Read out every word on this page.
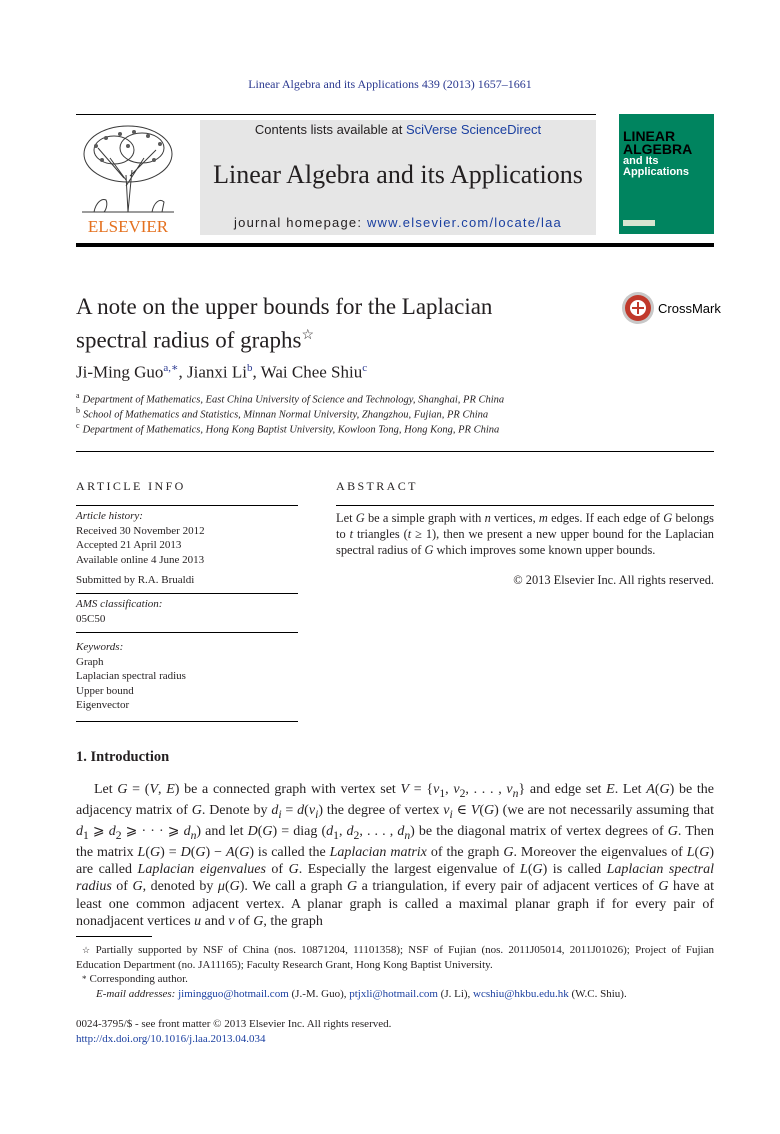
Linear Algebra and its Applications 439 (2013) 1657–1661
ELSEVIER
Contents lists available at SciVerse ScienceDirect
Linear Algebra and its Applications
journal homepage: www.elsevier.com/locate/laa
LINEAR
ALGEBRA
and Its
Applications
A note on the upper bounds for the Laplacian
spectral radius of graphs☆
CrossMark
Ji-Ming Guo$^{a,∗}$, Jianxi Li$^b$, Wai Chee Shiu$^c$
$^a$ Department of Mathematics, East China University of Science and Technology, Shanghai, PR China
$^b$ School of Mathematics and Statistics, Minnan Normal University, Zhangzhou, Fujian, PR China
$^c$ Department of Mathematics, Hong Kong Baptist University, Kowloon Tong, Hong Kong, PR China
ARTICLE INFO	ABSTRACT
Article history:
Received 30 November 2012
Accepted 21 April 2013
Available online 4 June 2013
Submitted by R.A. Brualdi
AMS classification:
05C50
Keywords:
Graph
Laplacian spectral radius
Upper bound
Eigenvector
Let G be a simple graph with n vertices, m edges. If each edge of G belongs to t triangles (t ≥ 1), then we present a new upper bound for the Laplacian spectral radius of G which improves some known upper bounds.
© 2013 Elsevier Inc. All rights reserved.
1. Introduction

Let G = (V, E) be a connected graph with vertex set $V = \{v_1$, $v_2$, . . . , $v_n$} and edge set E. Let A(G) be the adjacency matrix of G. Denote by $d_i = d(v_i)$ the degree of vertex $v_i$ ∈ V(G) (we are not necessarily assuming that $d_1$ ⩾ $d_2$ ⩾ · · · ⩾ $d_n$) and let D(G) = diag ($d_1$, $d_2$, . . . , $d_n$) be the diagonal matrix of vertex degrees of G. Then the matrix L(G) = D(G) − A(G) is called the Laplacian matrix of the graph G. Moreover the eigenvalues of L(G) are called Laplacian eigenvalues of G. Especially the largest eigenvalue of L(G) is called Laplacian spectral radius of G, denoted by μ(G). We call a graph G a triangulation, if every pair of adjacent vertices of G have at least one common adjacent vertex. A planar graph is called a maximal planar graph if for every pair of nonadjacent vertices u and v of G, the graph

☆ Partially supported by NSF of China (nos. 10871204, 11101358); NSF of Fujian (nos. 2011J05014, 2011J01026); Project of Fujian Education Department (no. JA11165); Faculty Research Grant, Hong Kong Baptist University.
* Corresponding author.
E-mail addresses: jimingguo@hotmail.com (J.-M. Guo), ptjxli@hotmail.com (J. Li), wcshiu@hkbu.edu.hk (W.C. Shiu).
0024-3795/$ - see front matter © 2013 Elsevier Inc. All rights reserved.
http://dx.doi.org/10.1016/j.laa.2013.04.034
